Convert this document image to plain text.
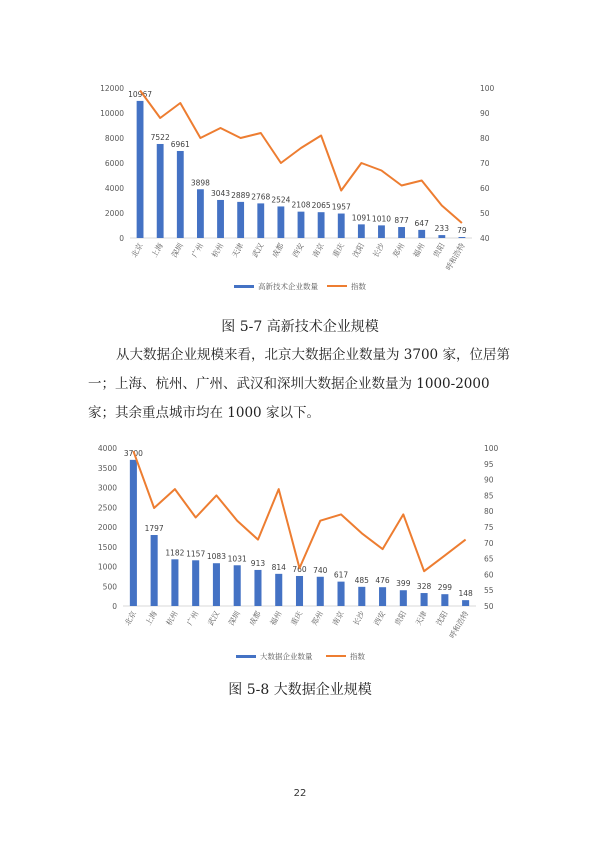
0
2000
4000
6000
8000
10000
12000
40
50
60
70
80
90
100
10967
北京
7522
上海
6961
深圳
3898
广州
3043
杭州
2889
天津
2768
武汉
2524
成都
2108
西安
2065
南京
1957
重庆
1091
沈阳
1010
长沙
877
郑州
647
福州
233
贵阳
79
呼和浩特
高新技术企业数量	指数
图 5-7 高新技术企业规模

从大数据企业规模来看，北京大数据企业数量为 3700 家，位居第一；上海、杭州、广州、武汉和深圳大数据企业数量为 1000-2000 家；其余重点城市均在 1000 家以下。

0
500
1000
1500
2000
2500
3000
3500
4000
50
55
60
65
70
75
80
85
90
95
100
3700
北京
1797
上海
1182
杭州
1157
广州
1083
武汉
1031
深圳
913
成都
814
福州
760
重庆
740
郑州
617
南京
485
长沙
476
西安
399
贵阳
328
天津
299
沈阳
148
呼和浩特
大数据企业数量	指数
图 5-8 大数据企业规模
22
